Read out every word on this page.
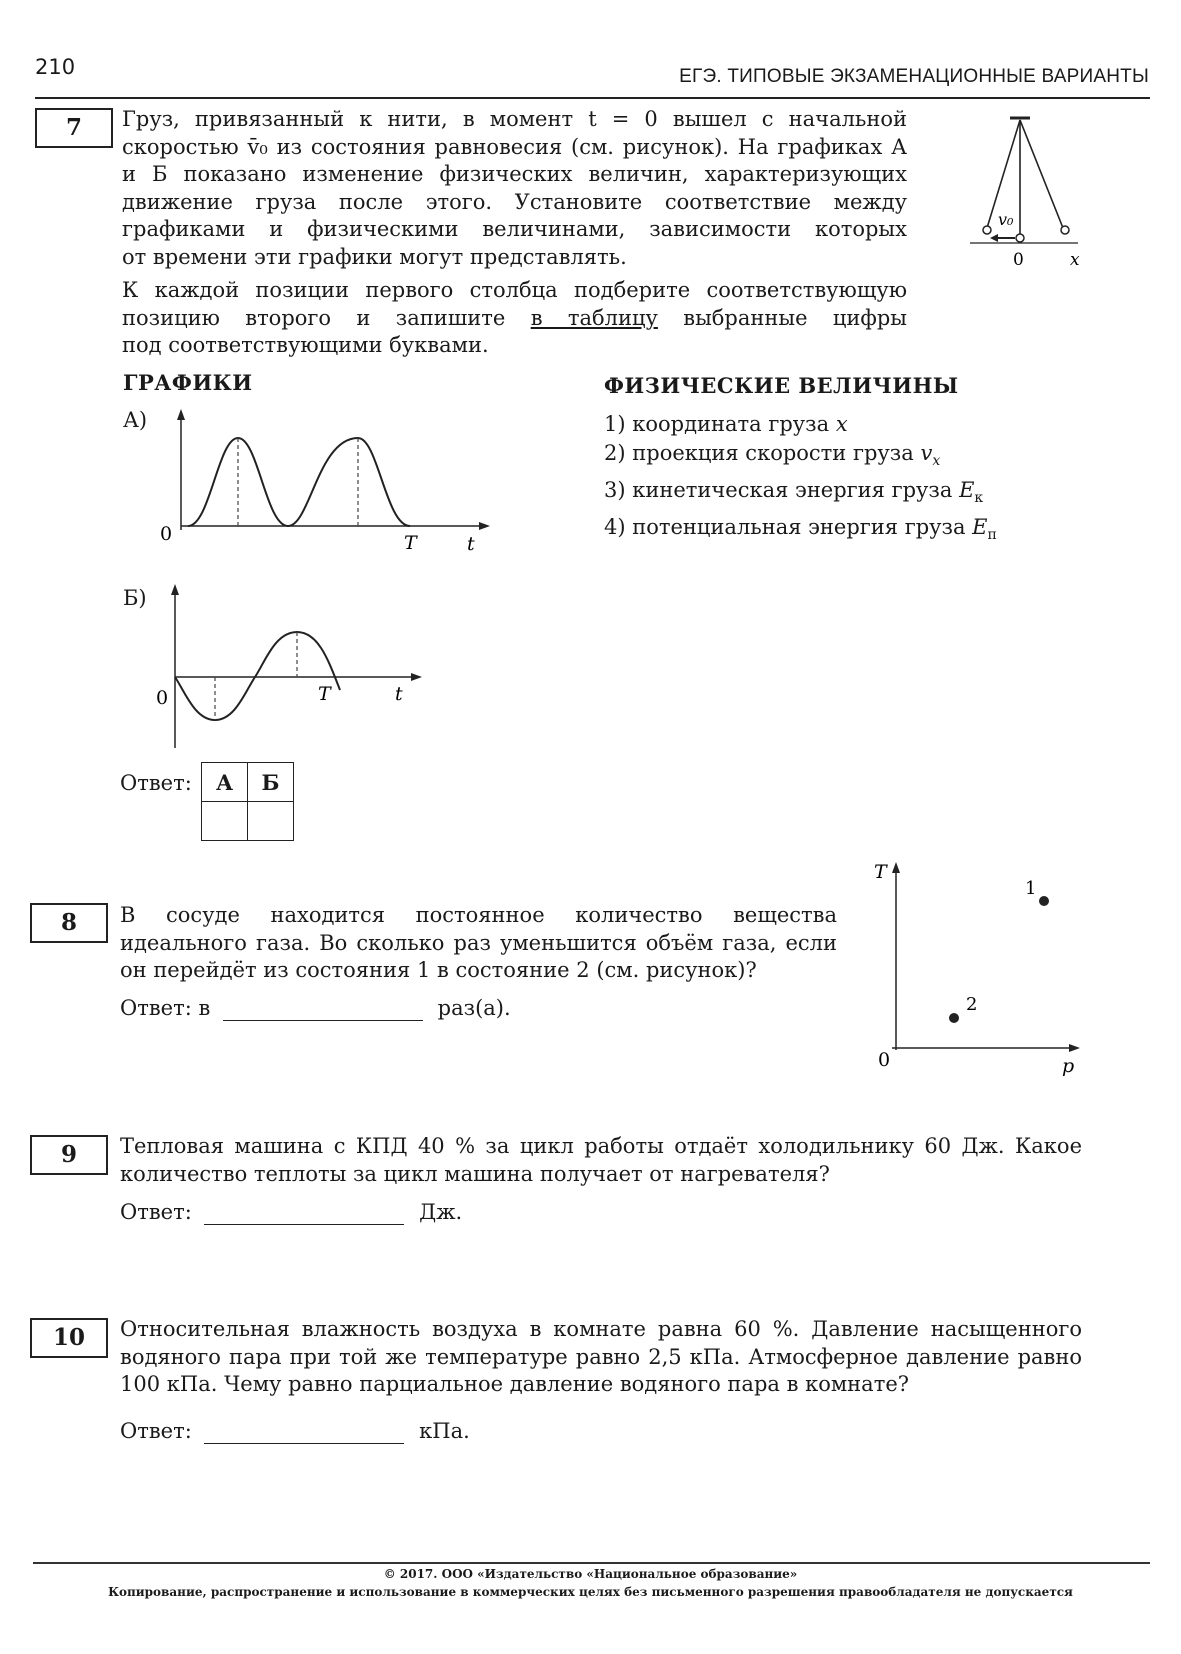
210	ЕГЭ. ТИПОВЫЕ ЭКЗАМЕНАЦИОННЫЕ ВАРИАНТЫ
7	Груз, привязанный к нити, в момент t = 0 вышел с начальной
скоростью v̄₀ из состояния равновесия (см. рисунок). На графиках А
и Б показано изменение физических величин, характеризующих
движение груза после этого. Установите соответствие между
графиками и физическими величинами, зависимости которых
от времени эти графики могут представлять.
К каждой позиции первого столбца подберите соответствующую
позицию второго и запишите в таблицу выбранные цифры
под соответствующими буквами.
v₀
0	x
ГРАФИКИ	ФИЗИЧЕСКИЕ ВЕЛИЧИНЫ
А)
0	T	t
1) координата груза x
2) проекция скорости груза $v_x$
3) кинетическая энергия груза $E_к$
4) потенциальная энергия груза $E_п$
Б)
0	T	t
Ответ: А	Б

8	В сосуде находится постоянное количество вещества
идеального газа. Во сколько раз уменьшится объём газа, если
он перейдёт из состояния 1 в состояние 2 (см. рисунок)?
Ответ: в	раз(а).
T
p
0
1
2
9	Тепловая машина с КПД 40 % за цикл работы отдаёт холодильнику 60 Дж. Какое
количество теплоты за цикл машина получает от нагревателя?
Ответ:	Дж.
10	Относительная влажность воздуха в комнате равна 60 %. Давление насыщенного
водяного пара при той же температуре равно 2,5 кПа. Атмосферное давление равно
100 кПа. Чему равно парциальное давление водяного пара в комнате?
Ответ:	кПа.
© 2017. ООО «Издательство «Национальное образование»
Копирование, распространение и использование в коммерческих целях без письменного разрешения правообладателя не допускается
